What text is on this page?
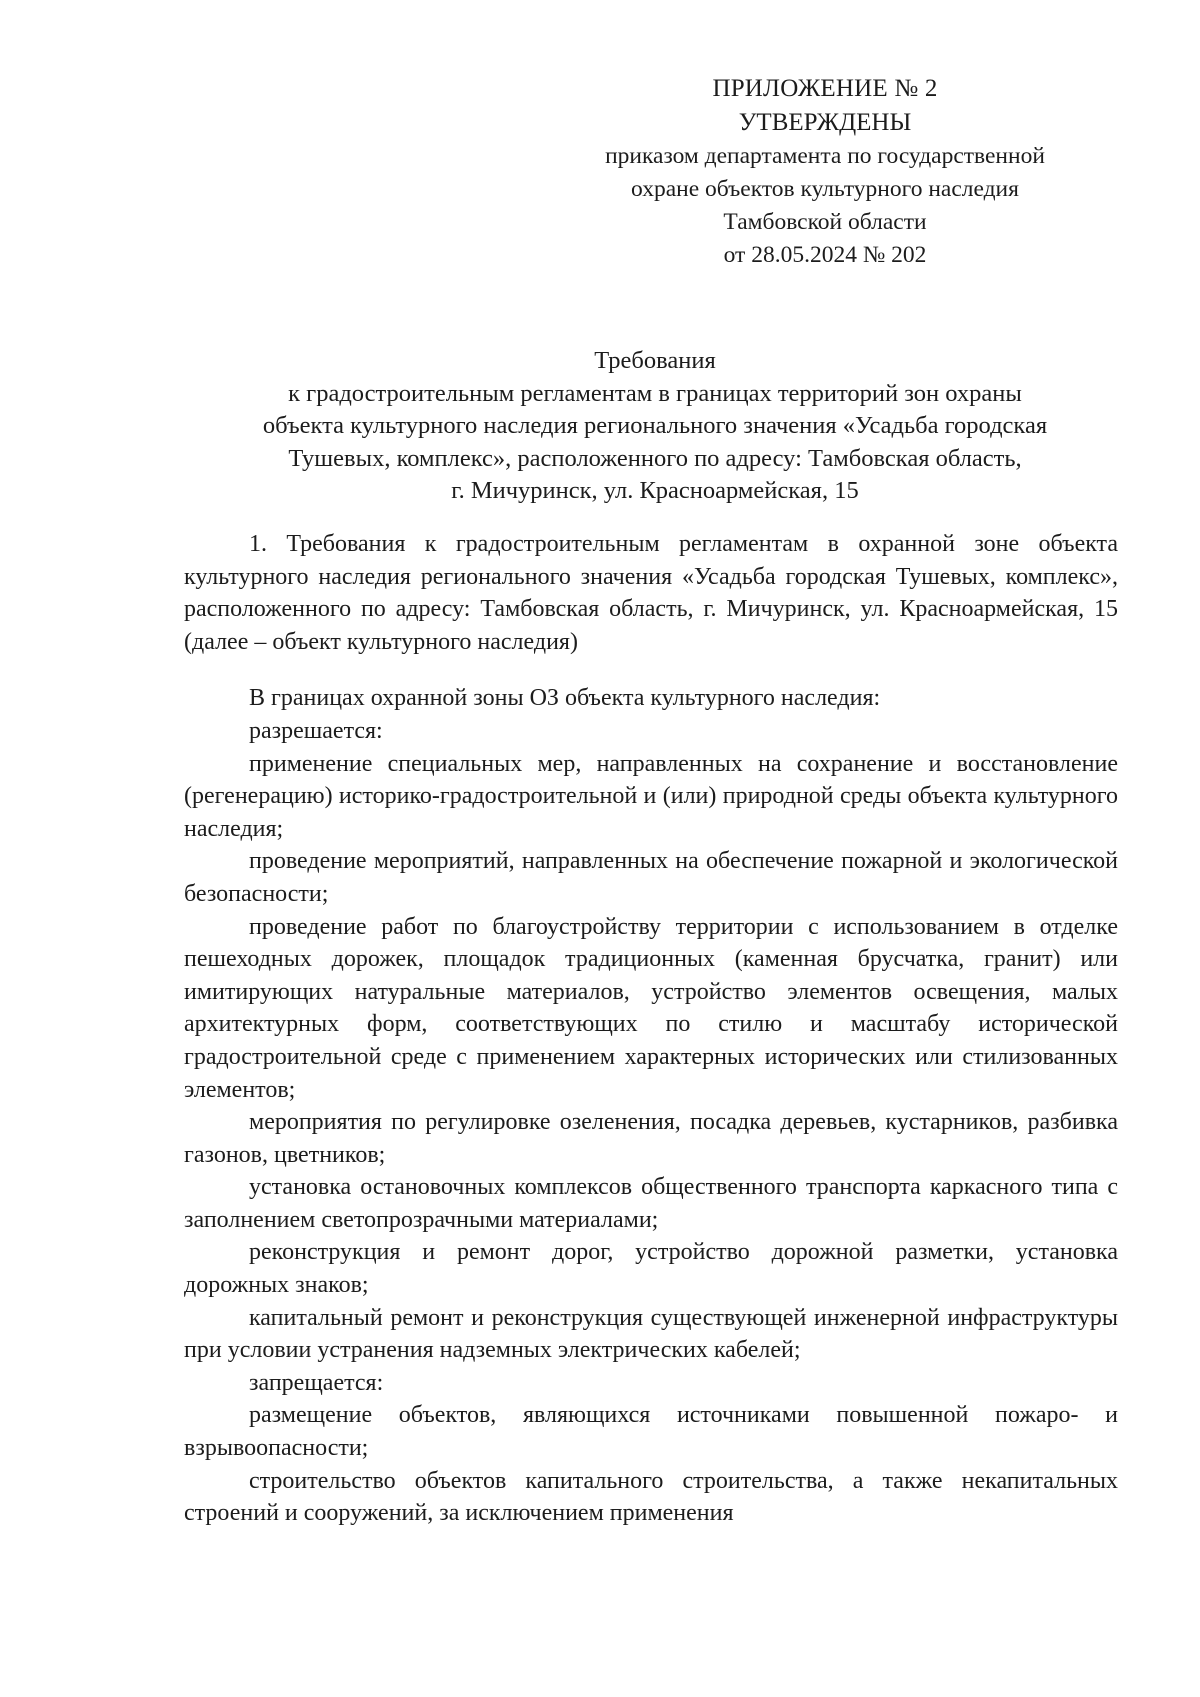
ПРИЛОЖЕНИЕ № 2
УТВЕРЖДЕНЫ
приказом департамента по государственной
охране объектов культурного наследия
Тамбовской области
от 28.05.2024 № 202
Требования
к градостроительным регламентам в границах территорий зон охраны
объекта культурного наследия регионального значения «Усадьба городская
Тушевых, комплекс», расположенного по адресу: Тамбовская область,
г. Мичуринск, ул. Красноармейская, 15

1. Требования к градостроительным регламентам в охранной зоне объекта культурного наследия регионального значения «Усадьба городская Тушевых, комплекс», расположенного по адресу: Тамбовская область, г. Мичуринск, ул. Красноармейская, 15 (далее – объект культурного наследия)

В границах охранной зоны ОЗ объекта культурного наследия:

разрешается:

применение специальных мер, направленных на сохранение и восстановление (регенерацию) историко-градостроительной и (или) природной среды объекта культурного наследия;

проведение мероприятий, направленных на обеспечение пожарной и экологической безопасности;

проведение работ по благоустройству территории с использованием в отделке пешеходных дорожек, площадок традиционных (каменная брусчатка, гранит) или имитирующих натуральные материалов, устройство элементов освещения, малых архитектурных форм, соответствующих по стилю и масштабу исторической градостроительной среде с применением характерных исторических или стилизованных элементов;

мероприятия по регулировке озеленения, посадка деревьев, кустарников, разбивка газонов, цветников;

установка остановочных комплексов общественного транспорта каркасного типа с заполнением светопрозрачными материалами;

реконструкция и ремонт дорог, устройство дорожной разметки, установка дорожных знаков;

капитальный ремонт и реконструкция существующей инженерной инфраструктуры при условии устранения надземных электрических кабелей;

запрещается:

размещение объектов, являющихся источниками повышенной пожаро- и взрывоопасности;

строительство объектов капитального строительства, а также некапитальных строений и сооружений, за исключением применения
